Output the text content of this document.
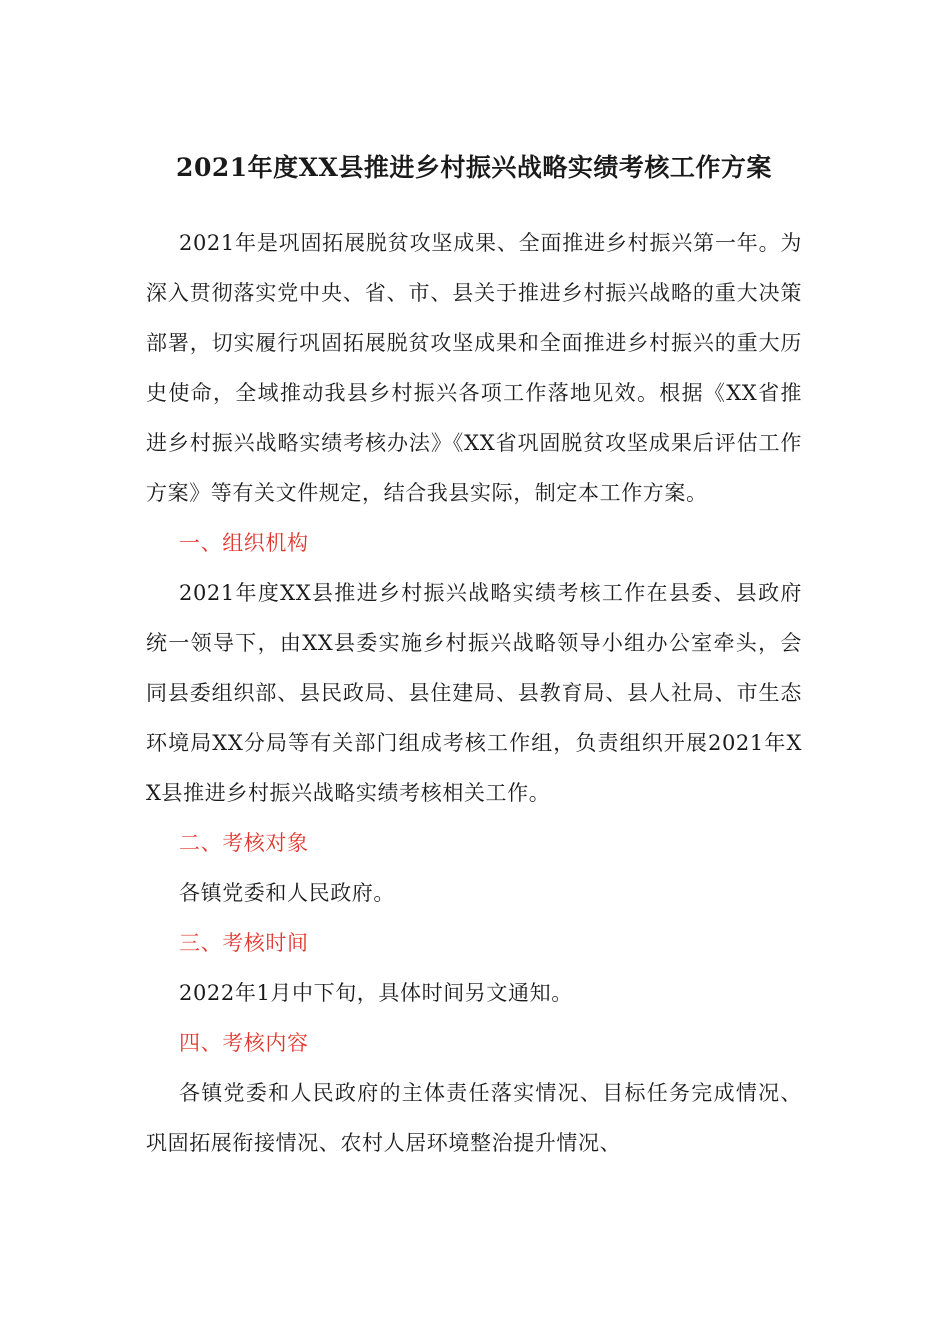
2021年度XX县推进乡村振兴战略实绩考核工作方案

2021年是巩固拓展脱贫攻坚成果、全面推进乡村振兴第一年。为深入贯彻落实党中央、省、市、县关于推进乡村振兴战略的重大决策部署，切实履行巩固拓展脱贫攻坚成果和全面推进乡村振兴的重大历史使命，全域推动我县乡村振兴各项工作落地见效。根据《XX省推进乡村振兴战略实绩考核办法》《XX省巩固脱贫攻坚成果后评估工作方案》等有关文件规定，结合我县实际，制定本工作方案。

一、组织机构

2021年度XX县推进乡村振兴战略实绩考核工作在县委、县政府统一领导下，由XX县委实施乡村振兴战略领导小组办公室牵头，会同县委组织部、县民政局、县住建局、县教育局、县人社局、市生态环境局XX分局等有关部门组成考核工作组，负责组织开展2021年XX县推进乡村振兴战略实绩考核相关工作。

二、考核对象

各镇党委和人民政府。

三、考核时间

2022年1月中下旬，具体时间另文通知。

四、考核内容

各镇党委和人民政府的主体责任落实情况、目标任务完成情况、巩固拓展衔接情况、农村人居环境整治提升情况、
